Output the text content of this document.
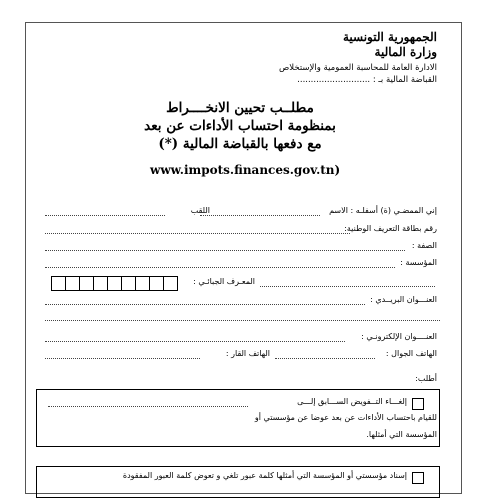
الجمهورية التونسية
وزارة المالية
الادارة العامة للمحاسبة العمومية والإستخلاص
القباضة المالية بـ : ...........................
مطلــب تحيين الانخــــراط
بمنظومة احتساب الأداءات عن بعد
مع دفعها بالقباضة المالية (*)
www.impots.finances.gov.tn)
إني الممضـي (ة) أسفلـه : الاسم
اللقب
رقم بطاقة التعريف الوطنية:
الصفة :
المؤسسة :
المعـرف الجبائـي :
العنـــوان البريــدي :
العنــــوان الإلكترونـي :
الهاتف الجوال :
الهاتف القار :
أطلب:
إلغـــاء التــفويض الســـابق إلـــى
للقيام باحتساب الأداءات عن بعد عوضا عن مؤسستي أو
المؤسسة التي أمثلها.
إسناد مؤسستي أو المؤسسة التي أمثلها كلمة عبور تلغي و تعوض كلمة العبور المفقودة
